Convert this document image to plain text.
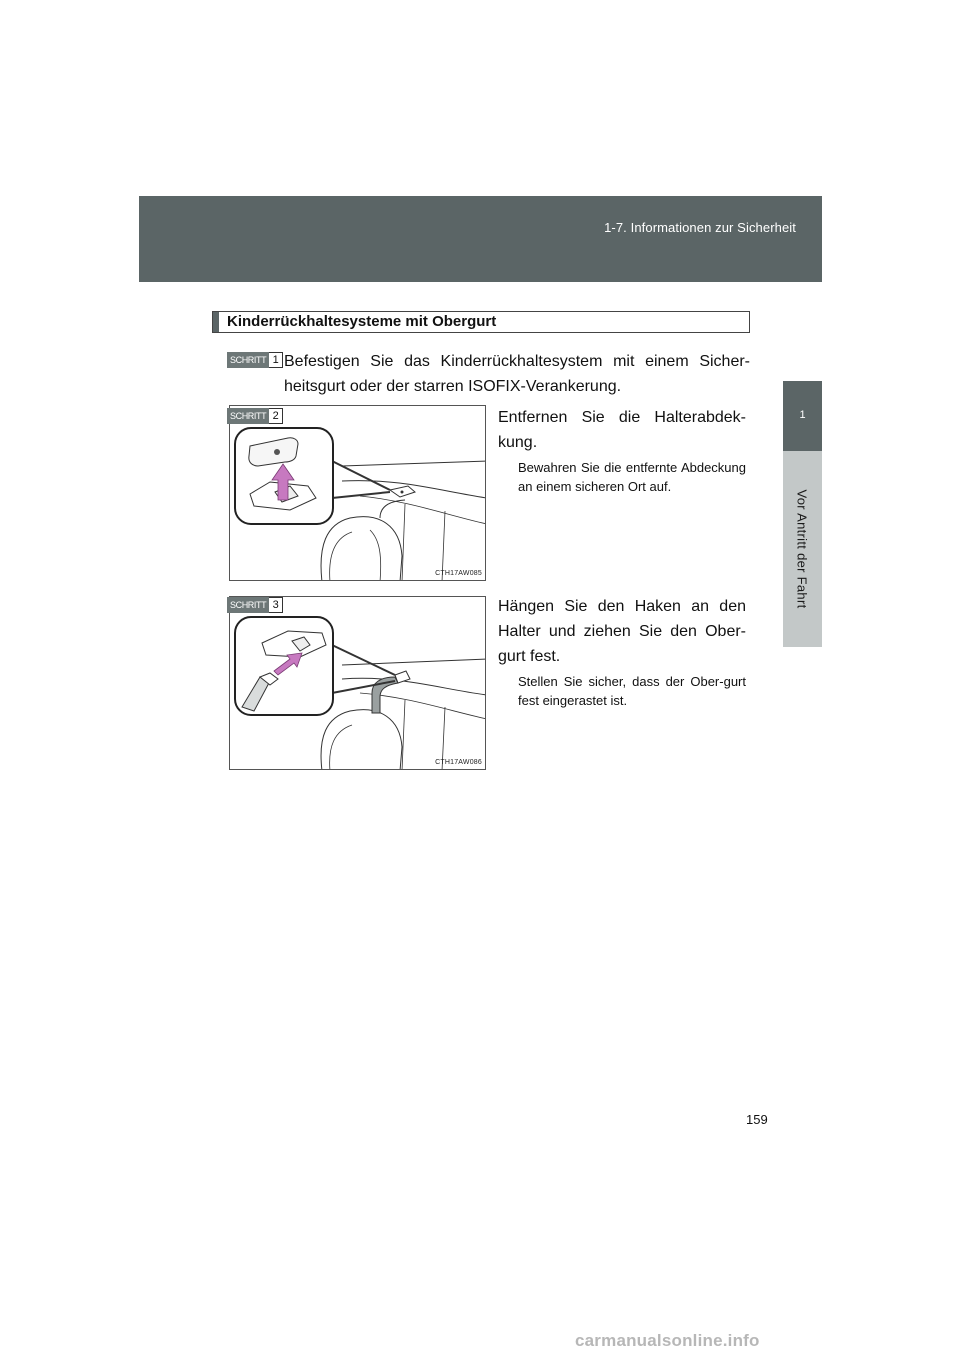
1-7. Informationen zur Sicherheit
1
Vor Antritt der Fahrt
Kinderrückhaltesysteme mit Obergurt
SCHRITT 1 Befestigen Sie das Kinderrückhaltesystem mit einem Sicher-
heitsgurt oder der starren ISOFIX-Verankerung.
CTH17AW085
SCHRITT 2	Entfernen Sie die Halterabdek-kung.
Bewahren Sie die entfernte Abdeckung an einem sicheren Ort auf.
CTH17AW086
SCHRITT 3	Hängen Sie den Haken an den Halter und ziehen Sie den Ober-gurt fest.
Stellen Sie sicher, dass der Ober-gurt fest eingerastet ist.
159
carmanualsonline.info
